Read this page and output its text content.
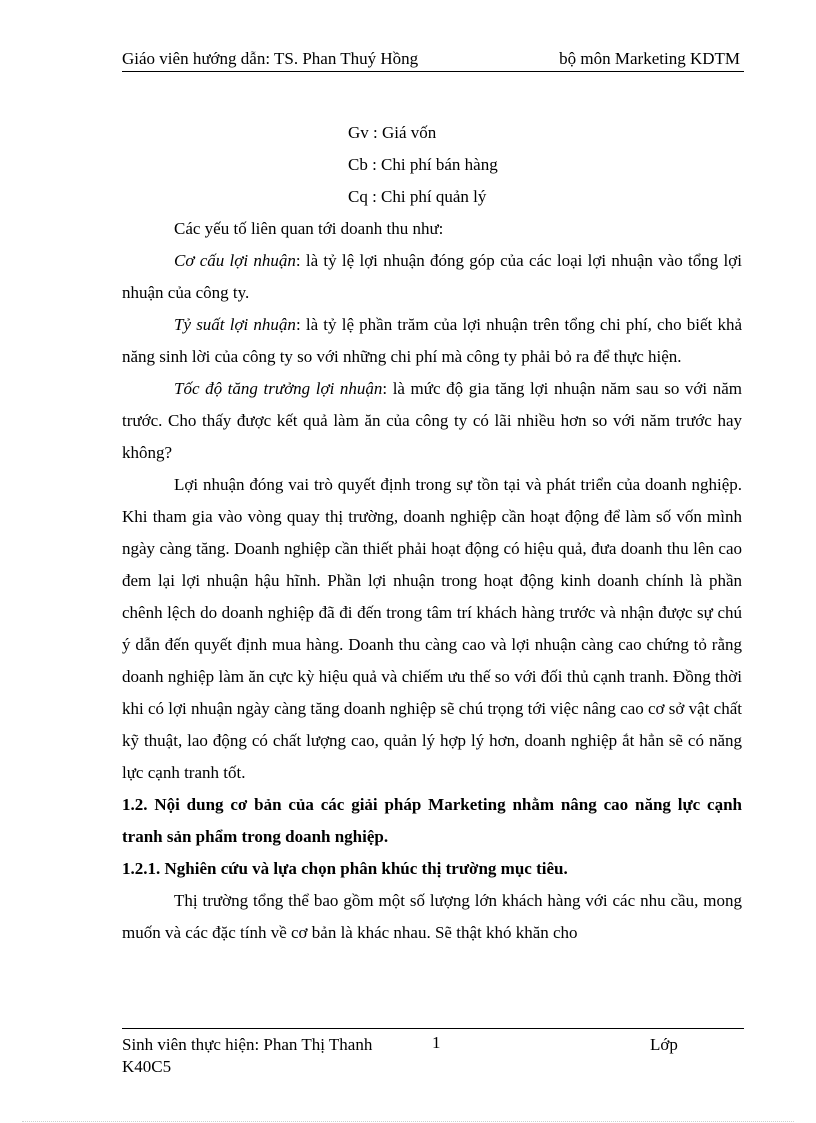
Giáo viên hướng dẫn: TS. Phan Thuý Hồng	bộ môn Marketing KDTM
Gv : Giá vốn
Cb : Chi phí bán hàng
Cq : Chi phí quản lý

Các yếu tố liên quan tới doanh thu như:

Cơ cấu lợi nhuận: là tỷ lệ lợi nhuận đóng góp của các loại lợi nhuận vào tổng lợi nhuận của công ty.

Tỷ suất lợi nhuận: là tỷ lệ phần trăm của lợi nhuận trên tổng chi phí, cho biết khả năng sinh lời của công ty so với những chi phí mà công ty phải bỏ ra để thực hiện.

Tốc độ tăng trưởng lợi nhuận: là mức độ gia tăng lợi nhuận năm sau so với năm trước. Cho thấy được kết quả làm ăn của công ty có lãi nhiều hơn so với năm trước hay không?

Lợi nhuận đóng vai trò quyết định trong sự tồn tại và phát triển của doanh nghiệp. Khi tham gia vào vòng quay thị trường, doanh nghiệp cần hoạt động để làm số vốn mình ngày càng tăng. Doanh nghiệp cần thiết phải hoạt động có hiệu quả, đưa doanh thu lên cao đem lại lợi nhuận hậu hĩnh. Phần lợi nhuận trong hoạt động kinh doanh chính là phần chênh lệch do doanh nghiệp đã đi đến trong tâm trí khách hàng trước và nhận được sự chú ý dẫn đến quyết định mua hàng. Doanh thu càng cao và lợi nhuận càng cao chứng tỏ rằng doanh nghiệp làm ăn cực kỳ hiệu quả và chiếm ưu thế so với đối thủ cạnh tranh. Đồng thời khi có lợi nhuận ngày càng tăng doanh nghiệp sẽ chú trọng tới việc nâng cao cơ sở vật chất kỹ thuật, lao động có chất lượng cao, quản lý hợp lý hơn, doanh nghiệp ắt hẳn sẽ có năng lực cạnh tranh tốt.

1.2. Nội dung cơ bản của các giải pháp Marketing nhằm nâng cao năng lực cạnh tranh sản phẩm trong doanh nghiệp.

1.2.1. Nghiên cứu và lựa chọn phân khúc thị trường mục tiêu.

Thị trường tổng thể bao gồm một số lượng lớn khách hàng với các nhu cầu, mong muốn và các đặc tính về cơ bản là khác nhau. Sẽ thật khó khăn cho

Sinh viên thực hiện: Phan Thị Thanh	1	Lớp
K40C5
